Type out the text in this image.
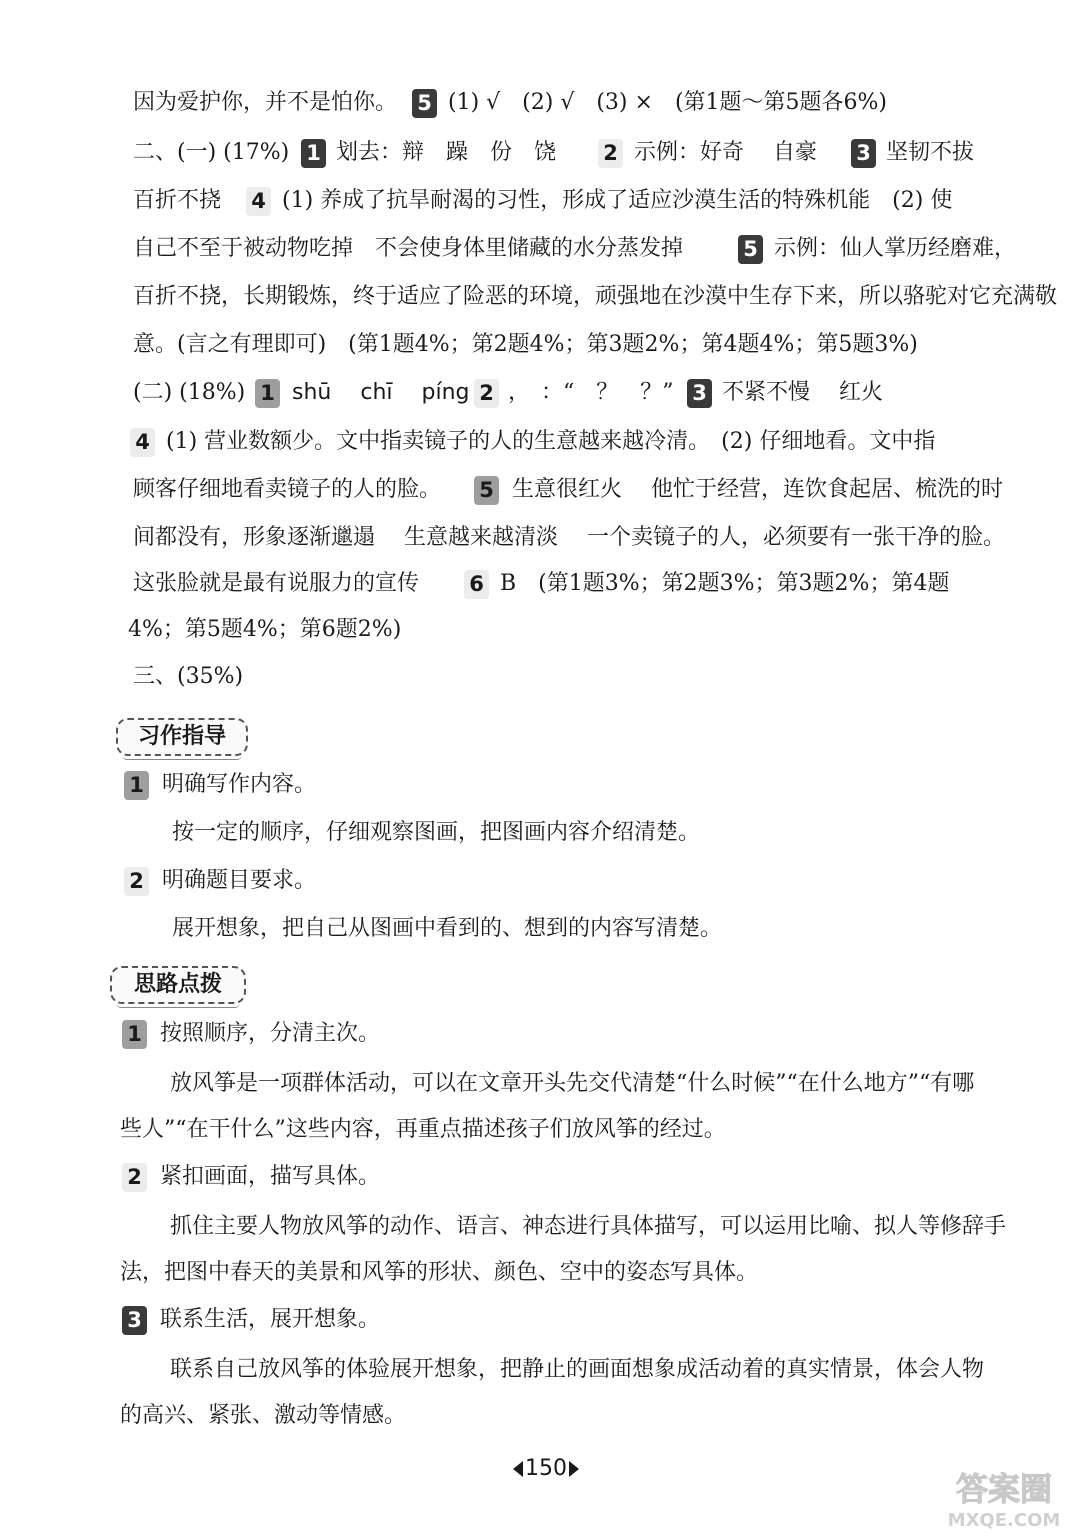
因为爱护你，并不是怕你。 5 (1) √　(2) √　(3) ×　(第1题～第5题各6%)
二、(一) (17%) 1 划去：辩　躁　份　饶 2 示例：好奇　 自豪 3 坚韧不拔
百折不挠 4 (1) 养成了抗旱耐渴的习性，形成了适应沙漠生活的特殊机能　(2) 使
自己不至于被动物吃掉　不会使身体里储藏的水分蒸发掉	5 示例：仙人掌历经磨难，
百折不挠，长期锻炼，终于适应了险恶的环境，顽强地在沙漠中生存下来，所以骆驼对它充满敬
意。(言之有理即可)　(第1题4%；第2题4%；第3题2%；第4题4%；第5题3%)
(二) (18%) 1 shū　 chī　 píng 2 ，　：“　？　？” 3 不紧不慢　 红火
4 (1) 营业数额少。文中指卖镜子的人的生意越来越冷清。　(2) 仔细地看。文中指
顾客仔细地看卖镜子的人的脸。 5 生意很红火　 他忙于经营，连饮食起居、梳洗的时
间都没有，形象逐渐邋遢　 生意越来越清淡　 一个卖镜子的人，必须要有一张干净的脸。
这张脸就是最有说服力的宣传 6 B　(第1题3%；第2题3%；第3题2%；第4题
4%；第5题4%；第6题2%)
三、(35%)
习作指导
1 明确写作内容。
按一定的顺序，仔细观察图画，把图画内容介绍清楚。
2 明确题目要求。
展开想象，把自己从图画中看到的、想到的内容写清楚。
思路点拨
1 按照顺序，分清主次。
放风筝是一项群体活动，可以在文章开头先交代清楚“什么时候”“在什么地方”“有哪
些人”“在干什么”这些内容，再重点描述孩子们放风筝的经过。
2 紧扣画面，描写具体。
抓住主要人物放风筝的动作、语言、神态进行具体描写，可以运用比喻、拟人等修辞手
法，把图中春天的美景和风筝的形状、颜色、空中的姿态写具体。
3 联系生活，展开想象。
联系自己放风筝的体验展开想象，把静止的画面想象成活动着的真实情景，体会人物
的高兴、紧张、激动等情感。
150
答案圈
MXQE.COM
